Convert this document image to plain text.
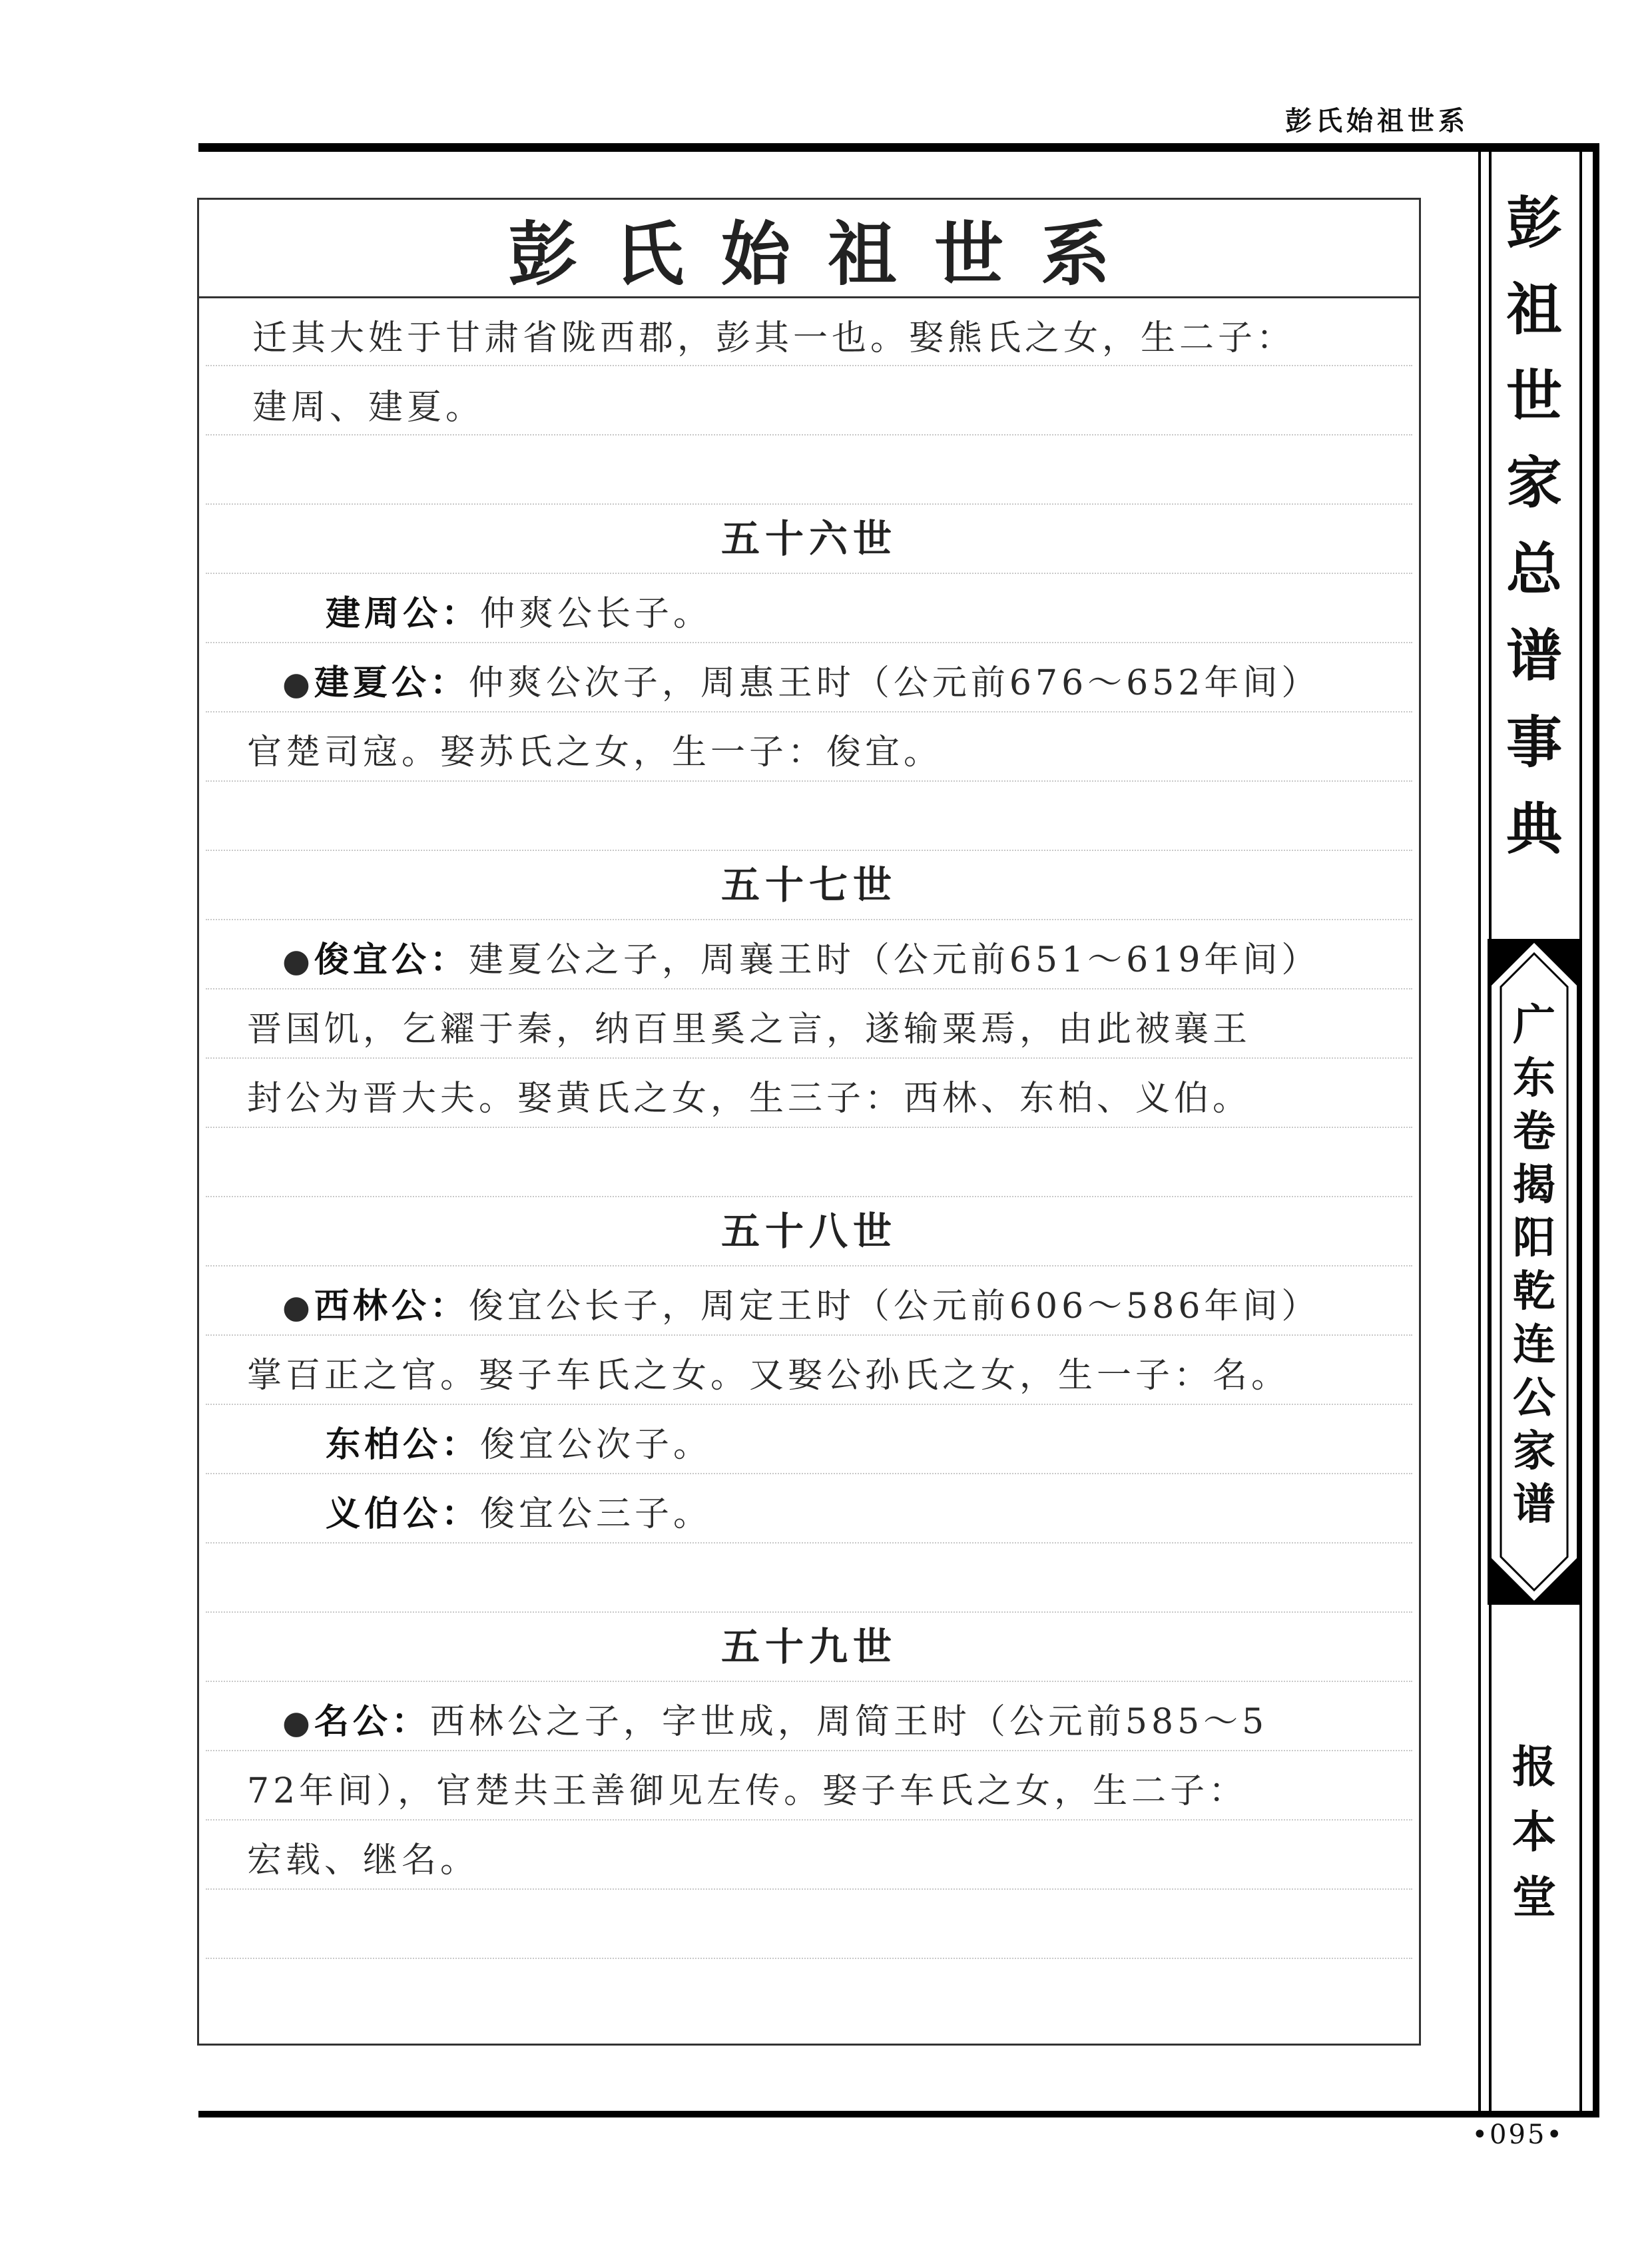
彭氏始祖世系
彭氏始祖世系
迁其大姓于甘肃省陇西郡，彭其一也。娶熊氏之女，生二子：
建周、建夏。
五十六世
建周公：仲爽公长子。
●建夏公：仲爽公次子，周惠王时（公元前676～652年间）
官楚司寇。娶苏氏之女，生一子：俊宜。
五十七世
●俊宜公：建夏公之子，周襄王时（公元前651～619年间）
晋国饥，乞糴于秦，纳百里奚之言，遂输粟焉，由此被襄王
封公为晋大夫。娶黄氏之女，生三子：西林、东柏、义伯。
五十八世
●西林公：俊宜公长子，周定王时（公元前606～586年间）
掌百正之官。娶子车氏之女。又娶公孙氏之女，生一子：名。
东柏公：俊宜公次子。
义伯公：俊宜公三子。
五十九世
●名公：西林公之子，字世成，周简王时（公元前585～5
72年间），官楚共王善御见左传。娶子车氏之女，生二子：
宏载、继名。
彭
祖
世
家
总
谱
事
典
广
东
卷
揭
阳
乾
连
公
家
谱
报
本
堂
•095•
